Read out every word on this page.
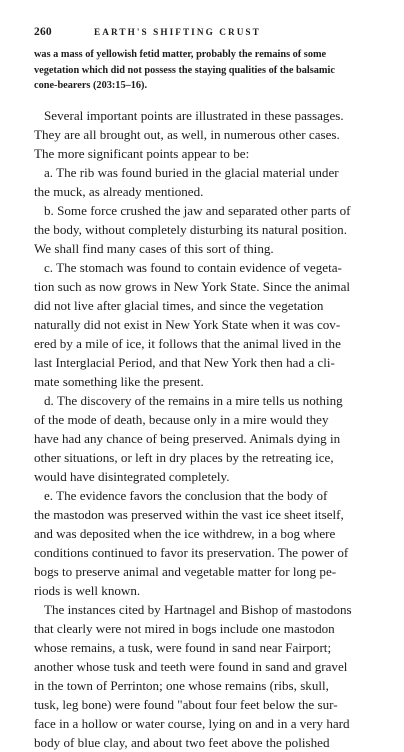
260	EARTH'S SHIFTING CRUST
was a mass of yellowish fetid matter, probably the remains of some
vegetation which did not possess the staying qualities of the balsamic
cone-bearers (203:15–16).
Several important points are illustrated in these passages.
They are all brought out, as well, in numerous other cases.
The more significant points appear to be:
a. The rib was found buried in the glacial material under
the muck, as already mentioned.
b. Some force crushed the jaw and separated other parts of
the body, without completely disturbing its natural position.
We shall find many cases of this sort of thing.
c. The stomach was found to contain evidence of vegeta-
tion such as now grows in New York State. Since the animal
did not live after glacial times, and since the vegetation
naturally did not exist in New York State when it was cov-
ered by a mile of ice, it follows that the animal lived in the
last Interglacial Period, and that New York then had a cli-
mate something like the present.
d. The discovery of the remains in a mire tells us nothing
of the mode of death, because only in a mire would they
have had any chance of being preserved. Animals dying in
other situations, or left in dry places by the retreating ice,
would have disintegrated completely.
e. The evidence favors the conclusion that the body of
the mastodon was preserved within the vast ice sheet itself,
and was deposited when the ice withdrew, in a bog where
conditions continued to favor its preservation. The power of
bogs to preserve animal and vegetable matter for long pe-
riods is well known.
The instances cited by Hartnagel and Bishop of mastodons
that clearly were not mired in bogs include one mastodon
whose remains, a tusk, were found in sand near Fairport;
another whose tusk and teeth were found in sand and gravel
in the town of Perrinton; one whose remains (ribs, skull,
tusk, leg bone) were found "about four feet below the sur-
face in a hollow or water course, lying on and in a very hard
body of blue clay, and about two feet above the polished
